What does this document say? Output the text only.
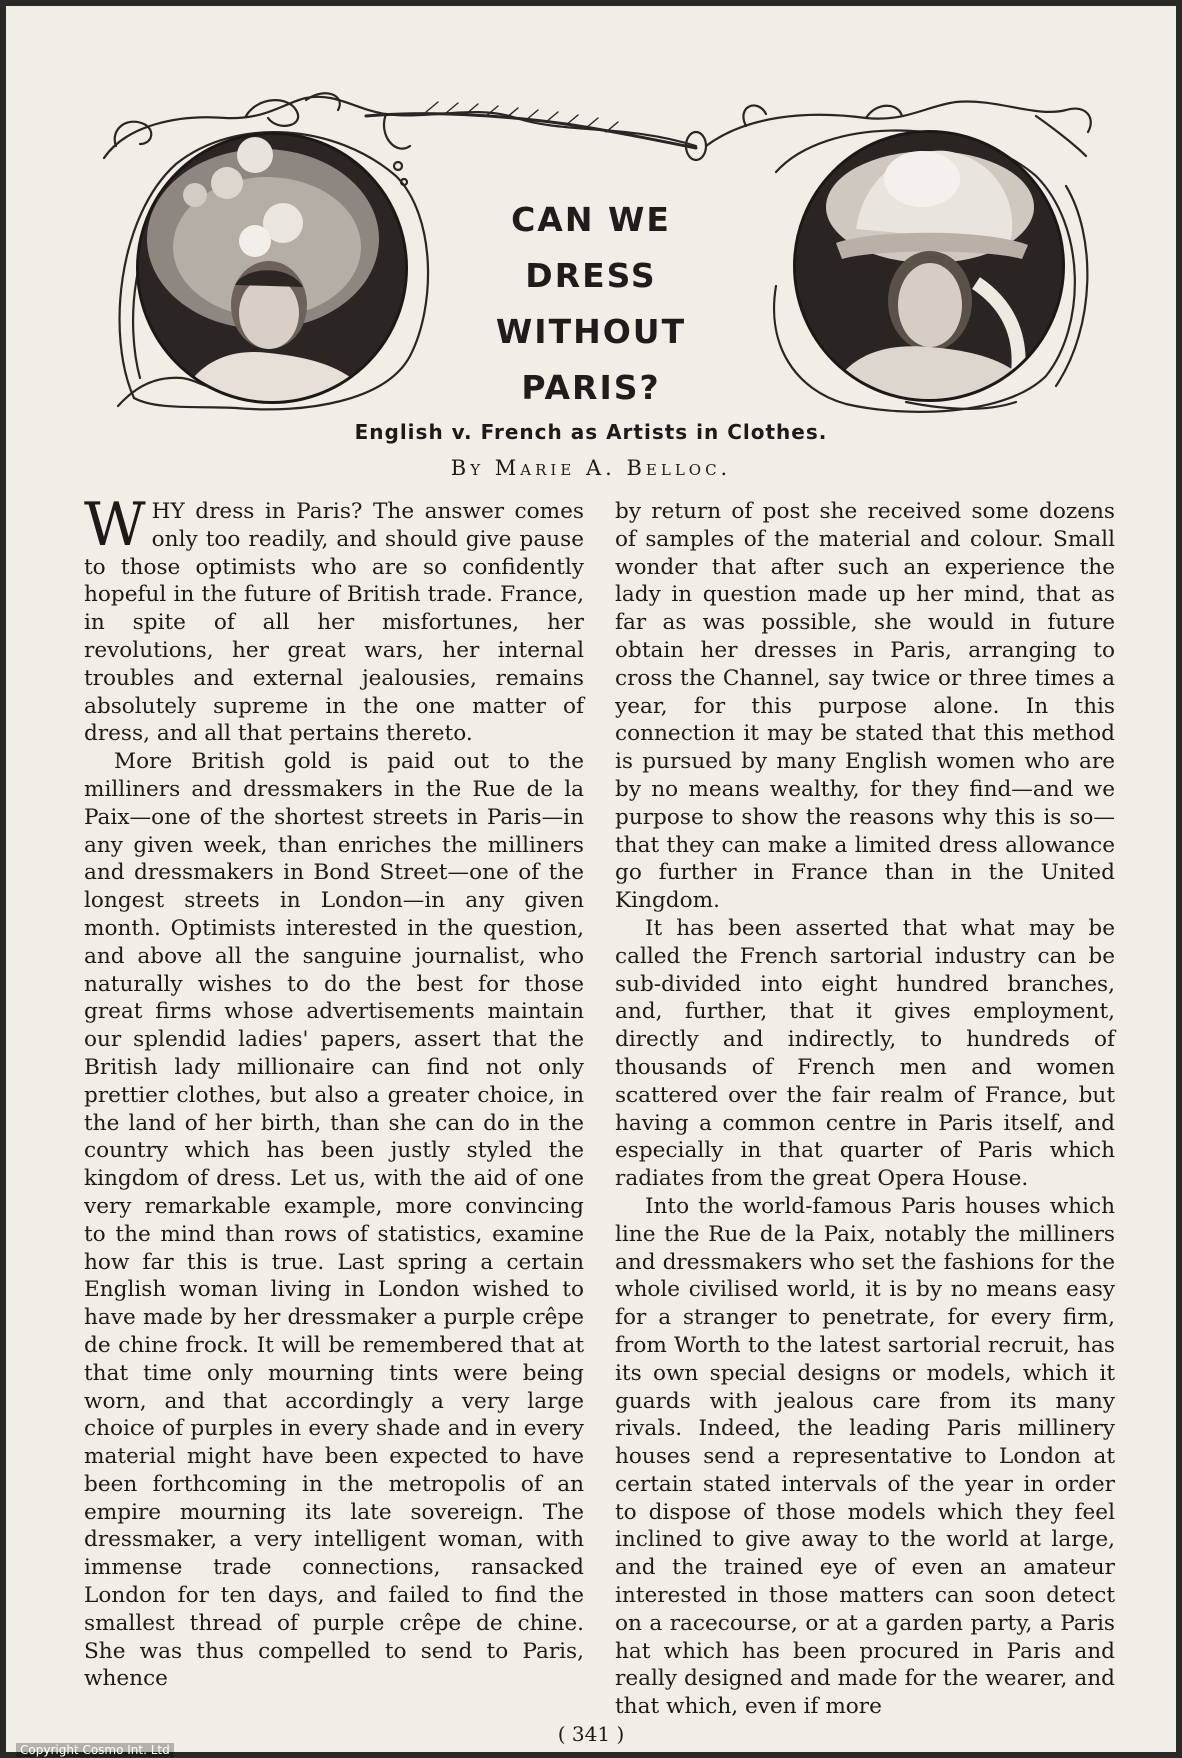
CAN WE
DRESS
WITHOUT
PARIS?
English v. French as Artists in Clothes.
By Marie A. Belloc.

WHY dress in Paris? The answer comes only too readily, and should give pause to those optimists who are so confidently hopeful in the future of British trade. France, in spite of all her misfortunes, her revolutions, her great wars, her internal troubles and external jealousies, remains absolutely supreme in the one matter of dress, and all that pertains thereto.

More British gold is paid out to the milliners and dressmakers in the Rue de la Paix—one of the shortest streets in Paris—in any given week, than enriches the milliners and dressmakers in Bond Street—one of the longest streets in London—in any given month. Optimists interested in the question, and above all the sanguine journalist, who naturally wishes to do the best for those great firms whose advertisements maintain our splendid ladies' papers, assert that the British lady millionaire can find not only prettier clothes, but also a greater choice, in the land of her birth, than she can do in the country which has been justly styled the kingdom of dress. Let us, with the aid of one very remarkable example, more convincing to the mind than rows of statistics, examine how far this is true. Last spring a certain English woman living in London wished to have made by her dressmaker a purple crêpe de chine frock. It will be remembered that at that time only mourning tints were being worn, and that accordingly a very large choice of purples in every shade and in every material might have been expected to have been forthcoming in the metropolis of an empire mourning its late sovereign. The dressmaker, a very intelligent woman, with immense trade connections, ransacked London for ten days, and failed to find the smallest thread of purple crêpe de chine. She was thus compelled to send to Paris, whence

by return of post she received some dozens of samples of the material and colour. Small wonder that after such an experience the lady in question made up her mind, that as far as was possible, she would in future obtain her dresses in Paris, arranging to cross the Channel, say twice or three times a year, for this purpose alone. In this connection it may be stated that this method is pursued by many English women who are by no means wealthy, for they find—and we purpose to show the reasons why this is so—that they can make a limited dress allowance go further in France than in the United Kingdom.

It has been asserted that what may be called the French sartorial industry can be sub-divided into eight hundred branches, and, further, that it gives employment, directly and indirectly, to hundreds of thousands of French men and women scattered over the fair realm of France, but having a common centre in Paris itself, and especially in that quarter of Paris which radiates from the great Opera House.

Into the world-famous Paris houses which line the Rue de la Paix, notably the milliners and dressmakers who set the fashions for the whole civilised world, it is by no means easy for a stranger to penetrate, for every firm, from Worth to the latest sartorial recruit, has its own special designs or models, which it guards with jealous care from its many rivals. Indeed, the leading Paris millinery houses send a representative to London at certain stated intervals of the year in order to dispose of those models which they feel inclined to give away to the world at large, and the trained eye of even an amateur interested in those matters can soon detect on a racecourse, or at a garden party, a Paris hat which has been procured in Paris and really designed and made for the wearer, and that which, even if more

( 341 )
Copyright Cosmo Int. Ltd
